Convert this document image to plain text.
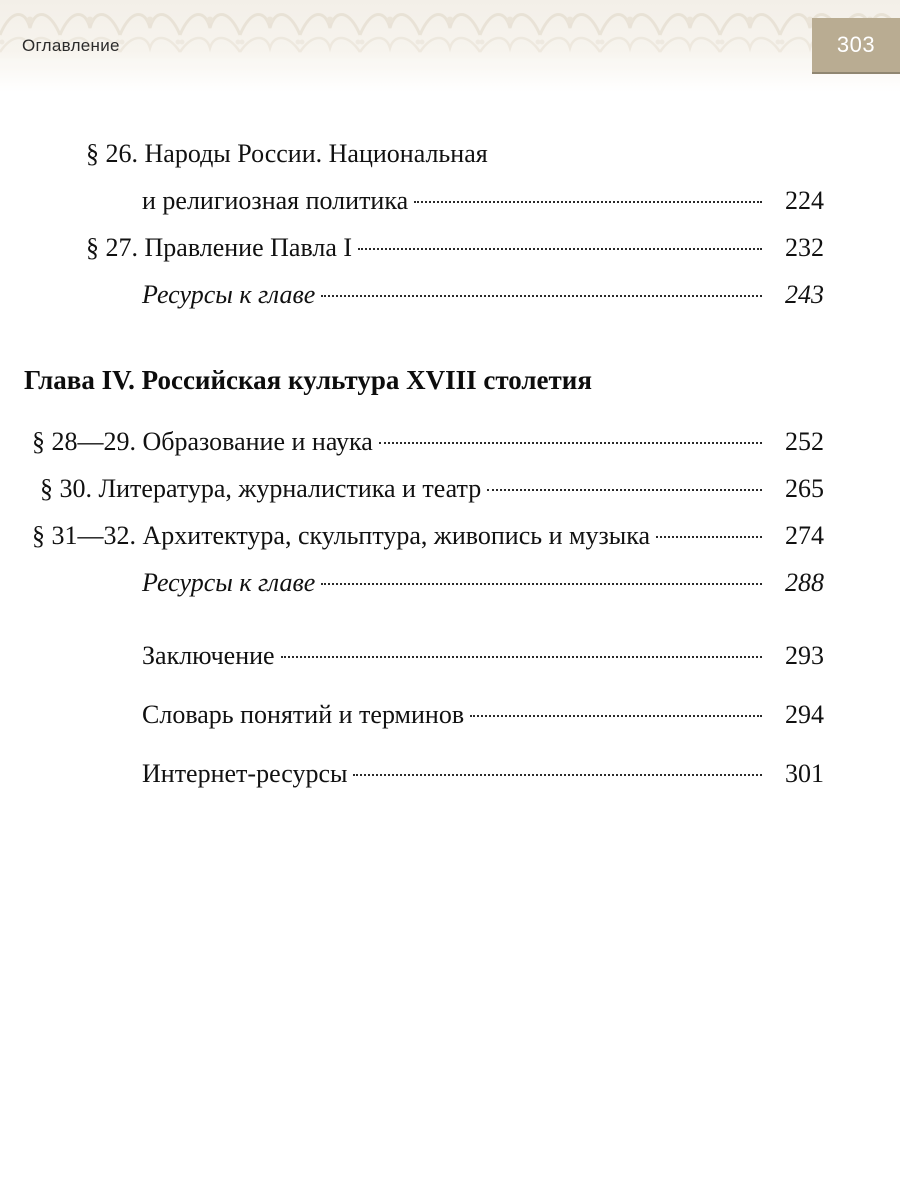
Оглавление	303
§ 26. Народы России. Национальная
и религиозная политика	224
§ 27. Правление Павла I	232
Ресурсы к главе	243
Глава IV. Российская культура XVIII столетия
§ 28—29. Образование и наука	252
§ 30. Литература, журналистика и театр	265
§ 31—32. Архитектура, скульптура, живопись и музыка	274
Ресурсы к главе	288
Заключение	293
Словарь понятий и терминов	294
Интернет-ресурсы	301
